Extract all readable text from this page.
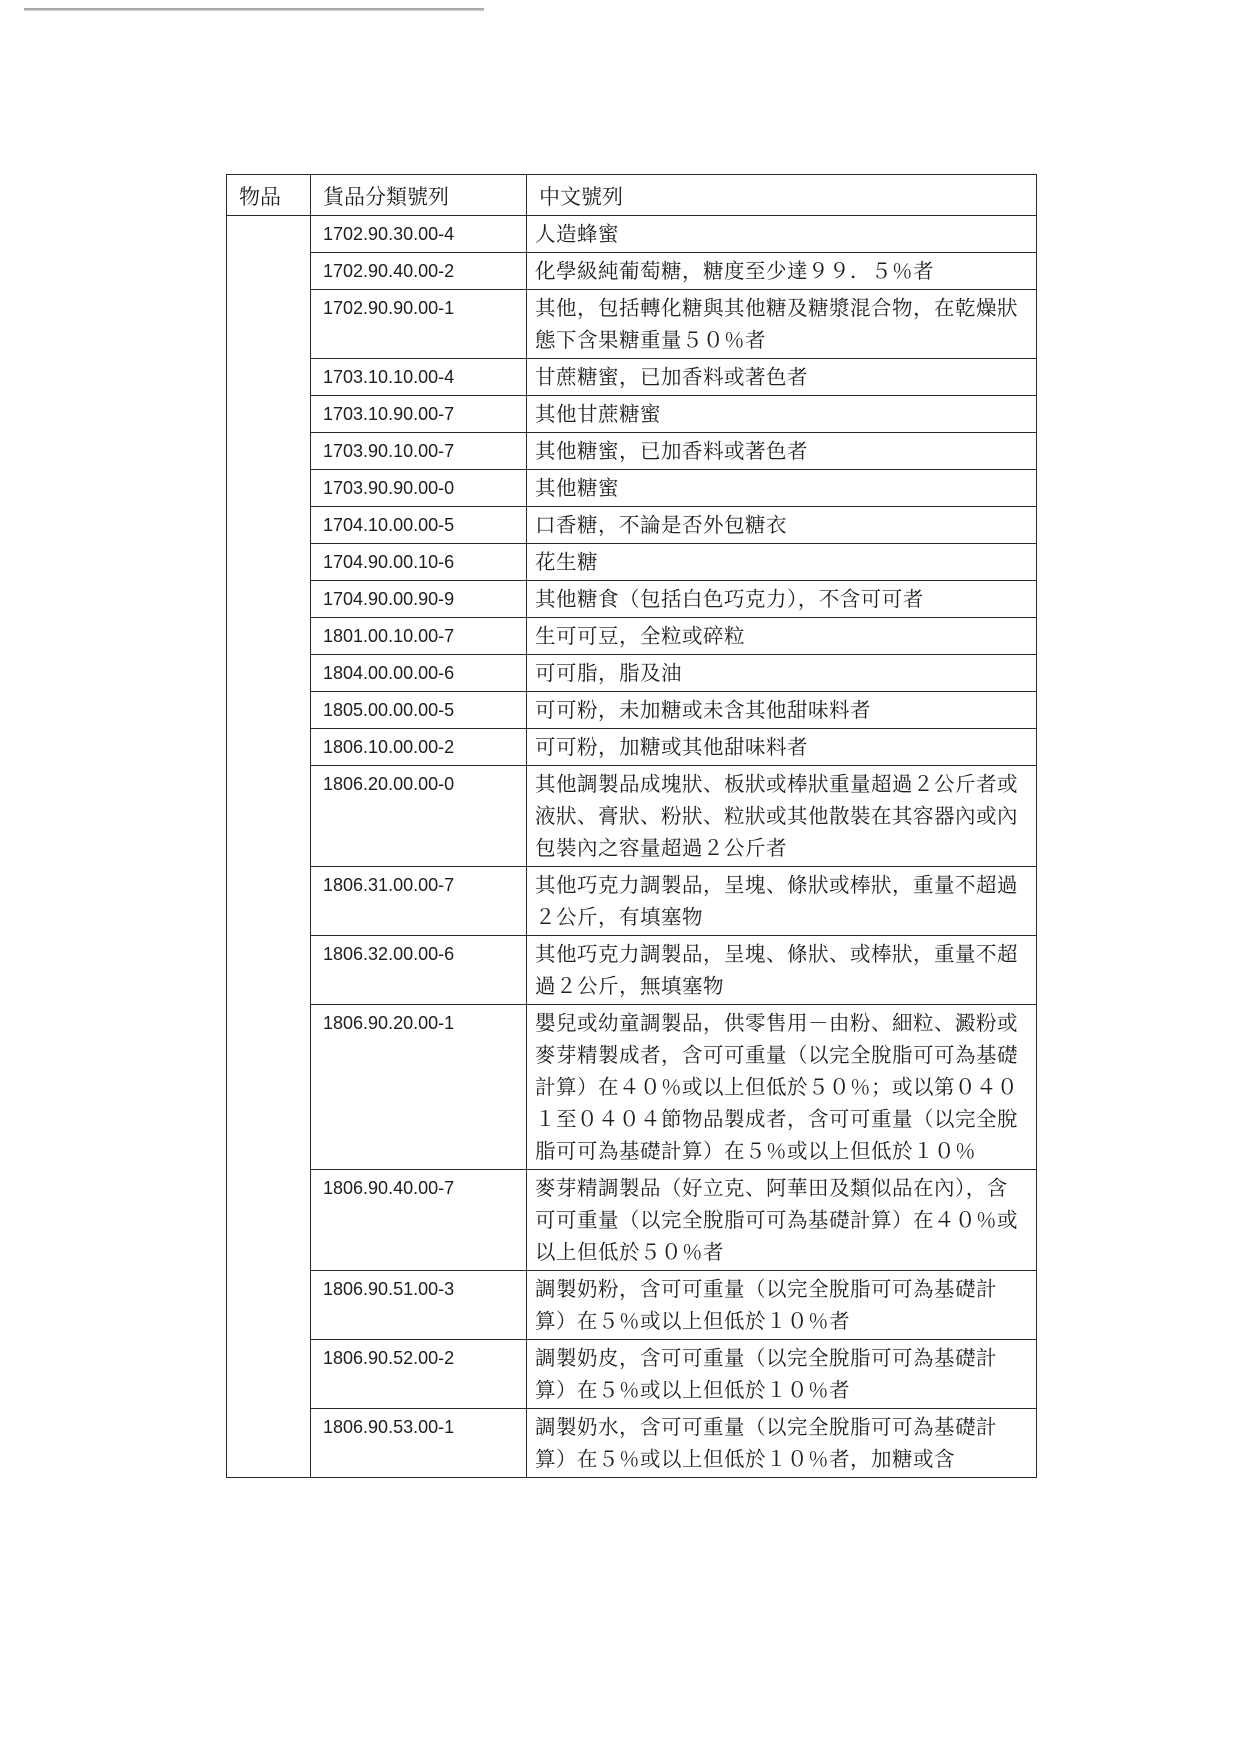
物品	貨品分類號列	中文號列
	1702.90.30.00-4	人造蜂蜜
	1702.90.40.00-2	化學級純葡萄糖，糖度至少達９９．５％者
	1702.90.90.00-1	其他，包括轉化糖與其他糖及糖漿混合物，在乾燥狀態下含果糖重量５０％者
	1703.10.10.00-4	甘蔗糖蜜，已加香料或著色者
	1703.10.90.00-7	其他甘蔗糖蜜
	1703.90.10.00-7	其他糖蜜，已加香料或著色者
	1703.90.90.00-0	其他糖蜜
	1704.10.00.00-5	口香糖，不論是否外包糖衣
	1704.90.00.10-6	花生糖
	1704.90.00.90-9	其他糖食（包括白色巧克力），不含可可者
	1801.00.10.00-7	生可可豆，全粒或碎粒
	1804.00.00.00-6	可可脂，脂及油
	1805.00.00.00-5	可可粉，未加糖或未含其他甜味料者
	1806.10.00.00-2	可可粉，加糖或其他甜味料者
	1806.20.00.00-0	其他調製品成塊狀、板狀或棒狀重量超過２公斤者或液狀、膏狀、粉狀、粒狀或其他散裝在其容器內或內包裝內之容量超過２公斤者
	1806.31.00.00-7	其他巧克力調製品，呈塊、條狀或棒狀，重量不超過２公斤，有填塞物
	1806.32.00.00-6	其他巧克力調製品，呈塊、條狀、或棒狀，重量不超過２公斤，無填塞物
	1806.90.20.00-1	嬰兒或幼童調製品，供零售用－由粉、細粒、澱粉或麥芽精製成者，含可可重量（以完全脫脂可可為基礎計算）在４０％或以上但低於５０％；或以第０４０１至０４０４節物品製成者，含可可重量（以完全脫脂可可為基礎計算）在５％或以上但低於１０％
	1806.90.40.00-7	麥芽精調製品（好立克、阿華田及類似品在內），含可可重量（以完全脫脂可可為基礎計算）在４０％或以上但低於５０％者
	1806.90.51.00-3	調製奶粉，含可可重量（以完全脫脂可可為基礎計算）在５％或以上但低於１０％者
	1806.90.52.00-2	調製奶皮，含可可重量（以完全脫脂可可為基礎計算）在５％或以上但低於１０％者
	1806.90.53.00-1	調製奶水，含可可重量（以完全脫脂可可為基礎計算）在５％或以上但低於１０％者，加糖或含
